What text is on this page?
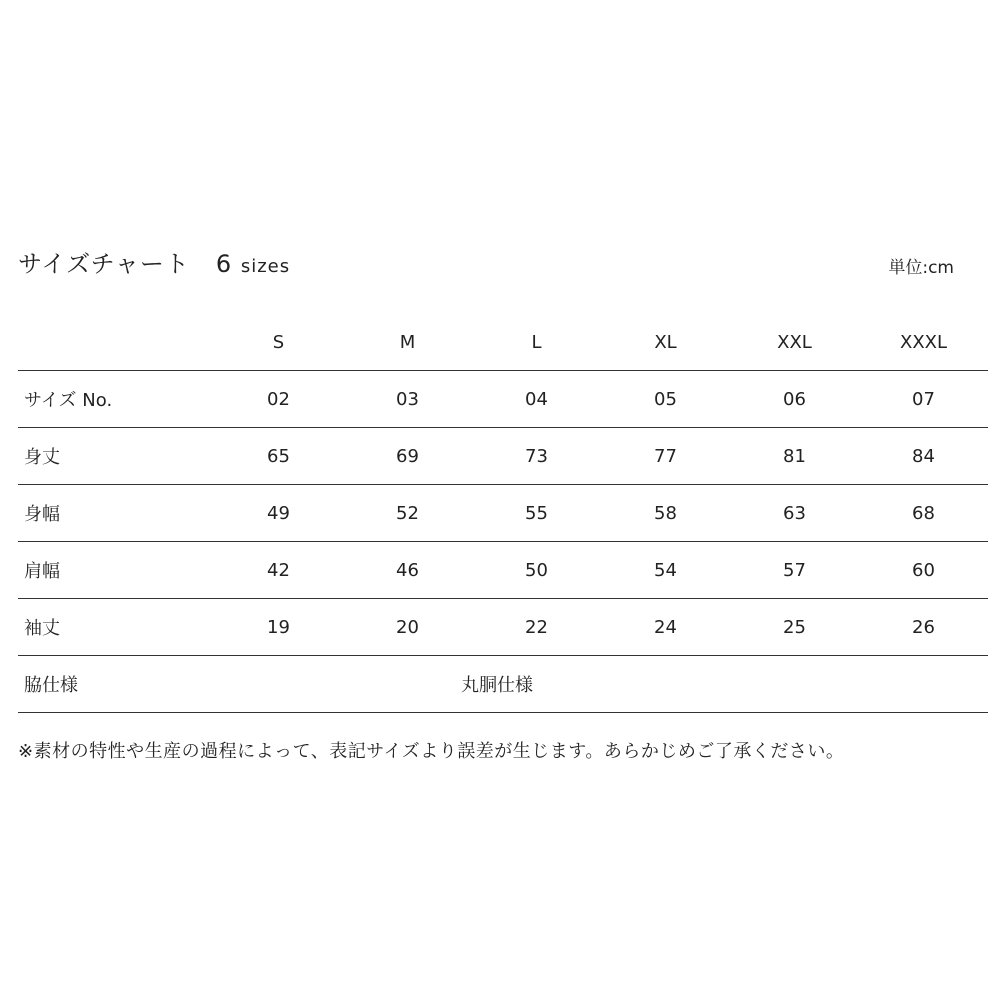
サイズチャート 6 sizes	単位:cm
	S	M	L	XL	XXL	XXXL
サイズ No.	02	03	04	05	06	07
身丈	65	69	73	77	81	84
身幅	49	52	55	58	63	68
肩幅	42	46	50	54	57	60
袖丈	19	20	22	24	25	26
脇仕様	丸胴仕様					
※素材の特性や生産の過程によって、表記サイズより誤差が生じます。あらかじめご了承ください。
